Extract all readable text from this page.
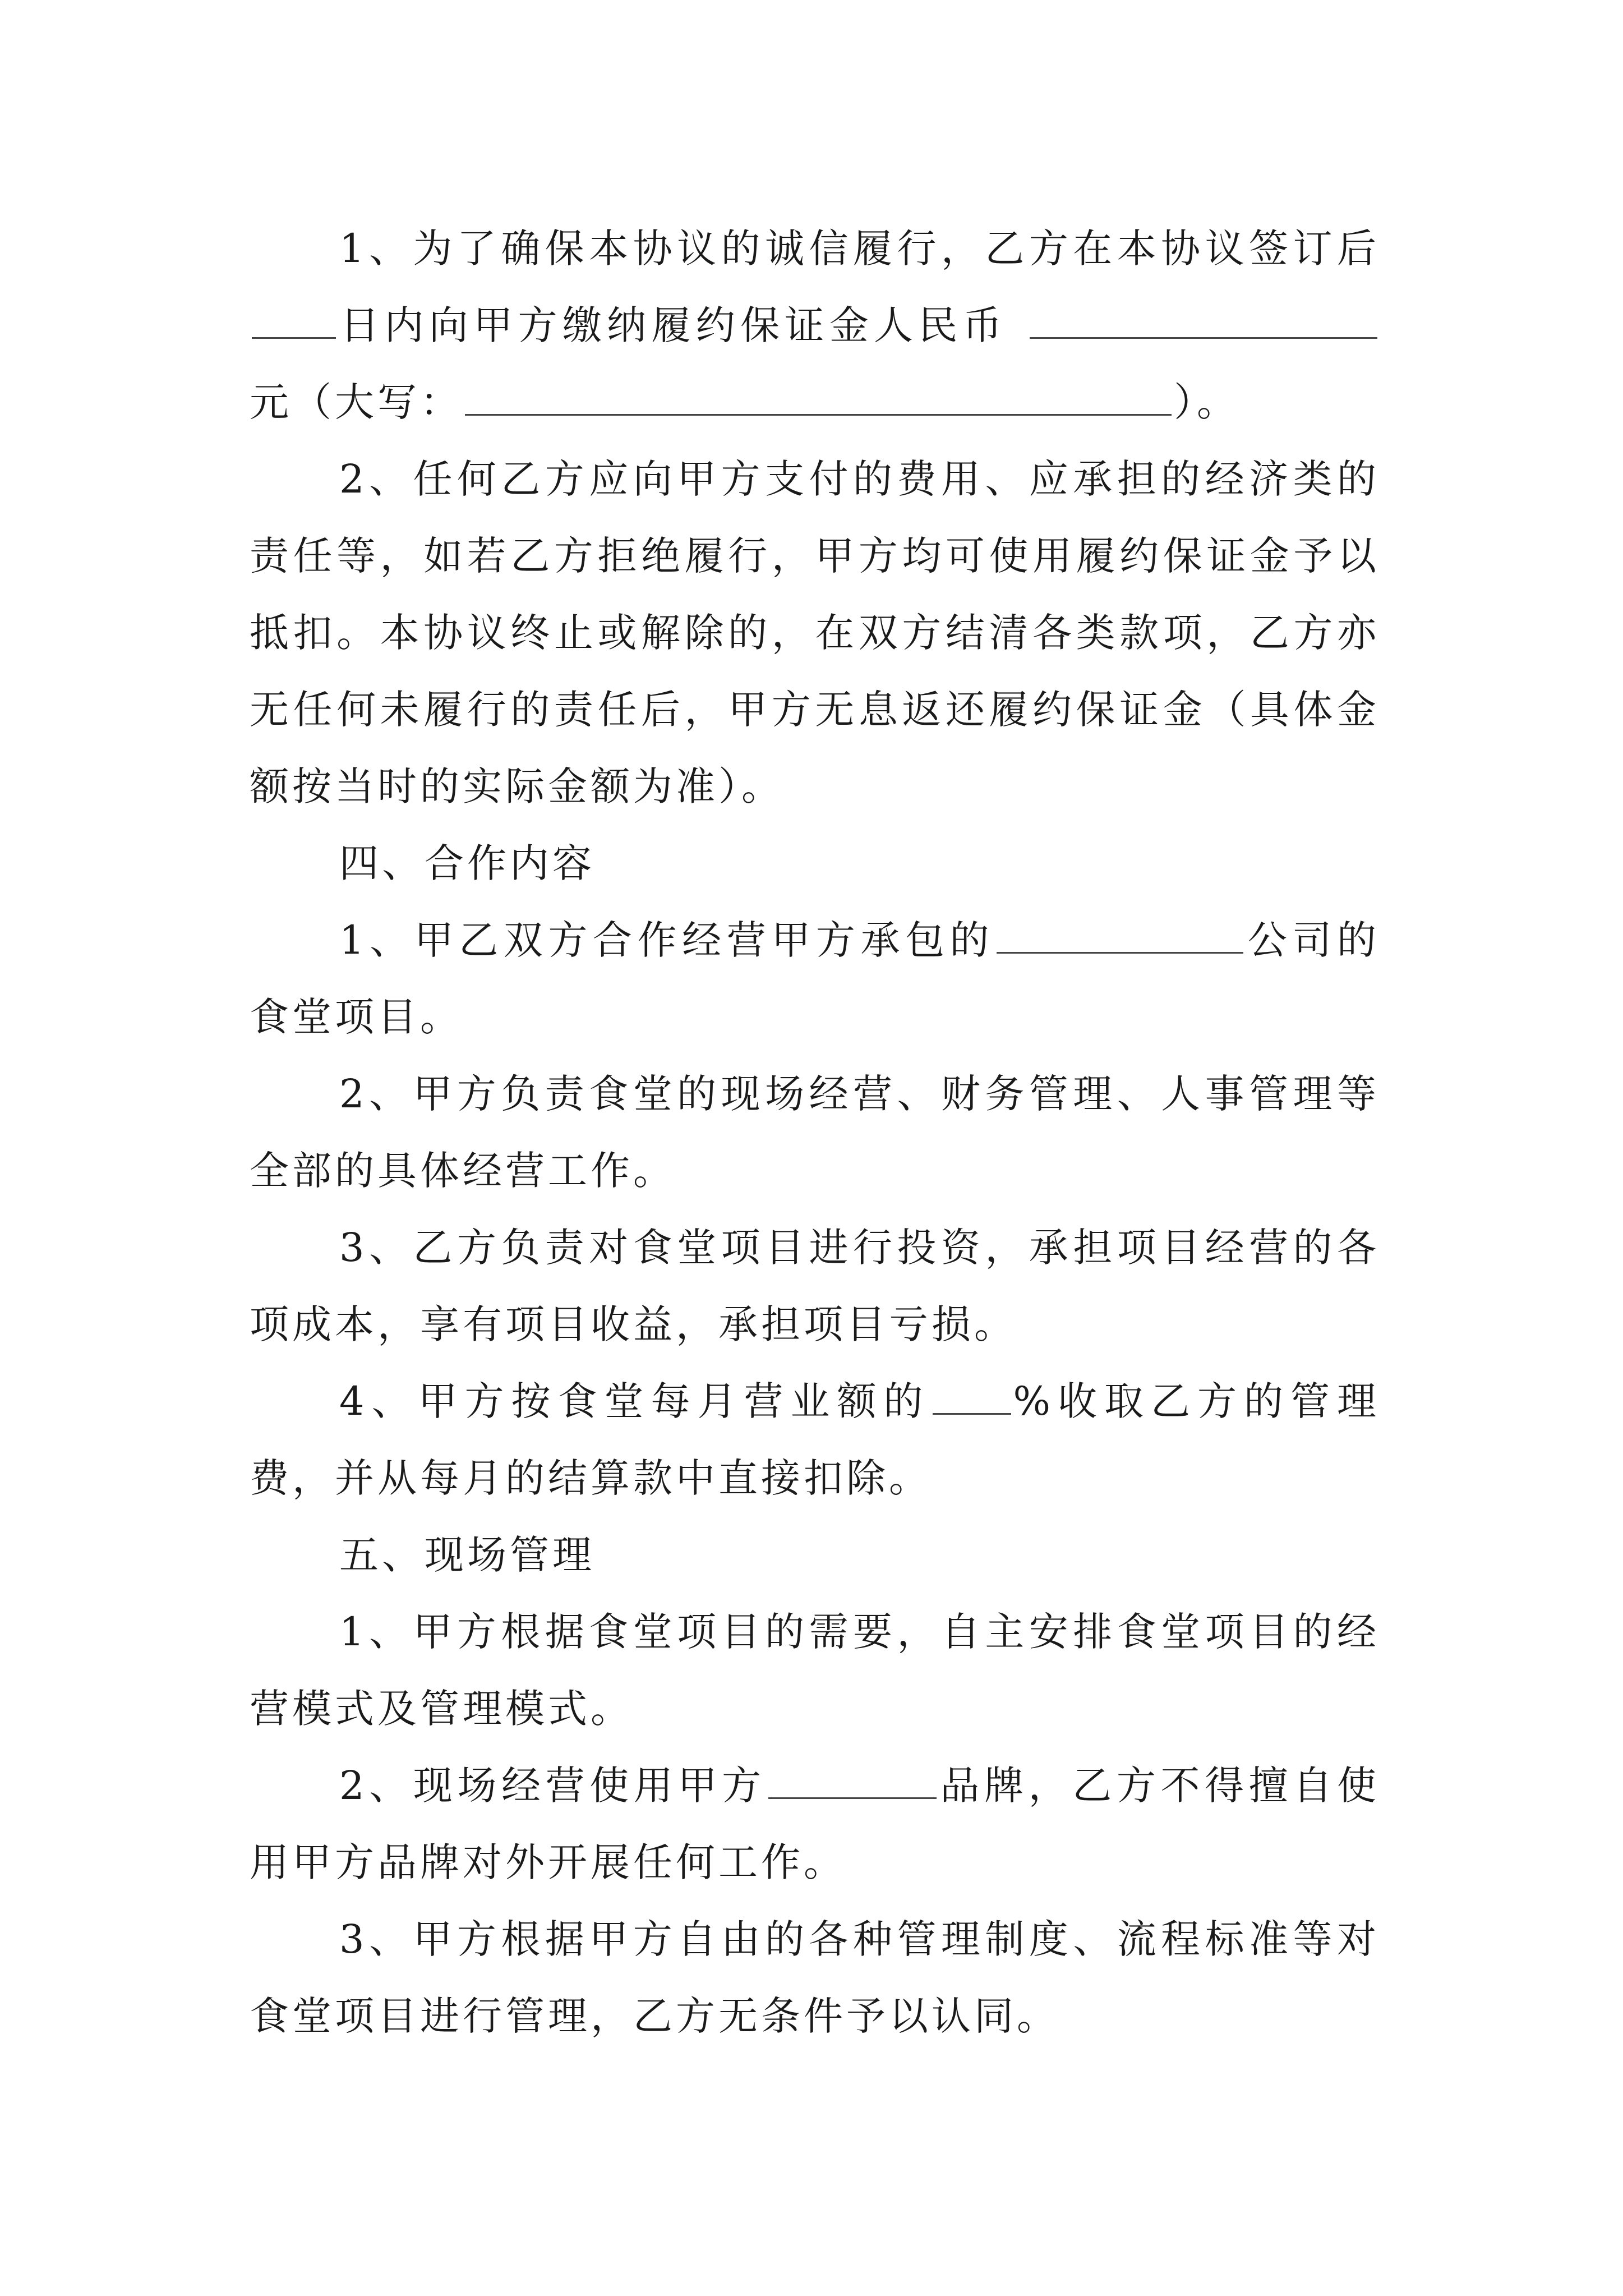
1、为了确保本协议的诚信履行，乙方在本协议签订后日内向甲方缴纳履约保证金人民币元（大写：	）。

2、任何乙方应向甲方支付的费用、应承担的经济类的责任等，如若乙方拒绝履行，甲方均可使用履约保证金予以抵扣。本协议终止或解除的，在双方结清各类款项，乙方亦无任何未履行的责任后，甲方无息返还履约保证金（具体金额按当时的实际金额为准）。

四、合作内容

1、甲乙双方合作经营甲方承包的	公司的食堂项目。

2、甲方负责食堂的现场经营、财务管理、人事管理等全部的具体经营工作。

3、乙方负责对食堂项目进行投资，承担项目经营的各项成本，享有项目收益，承担项目亏损。

4、甲方按食堂每月营业额的 %收取乙方的管理费，并从每月的结算款中直接扣除。

五、现场管理

1、甲方根据食堂项目的需要，自主安排食堂项目的经营模式及管理模式。

2、现场经营使用甲方	品牌，乙方不得擅自使用甲方品牌对外开展任何工作。

3、甲方根据甲方自由的各种管理制度、流程标准等对食堂项目进行管理，乙方无条件予以认同。
